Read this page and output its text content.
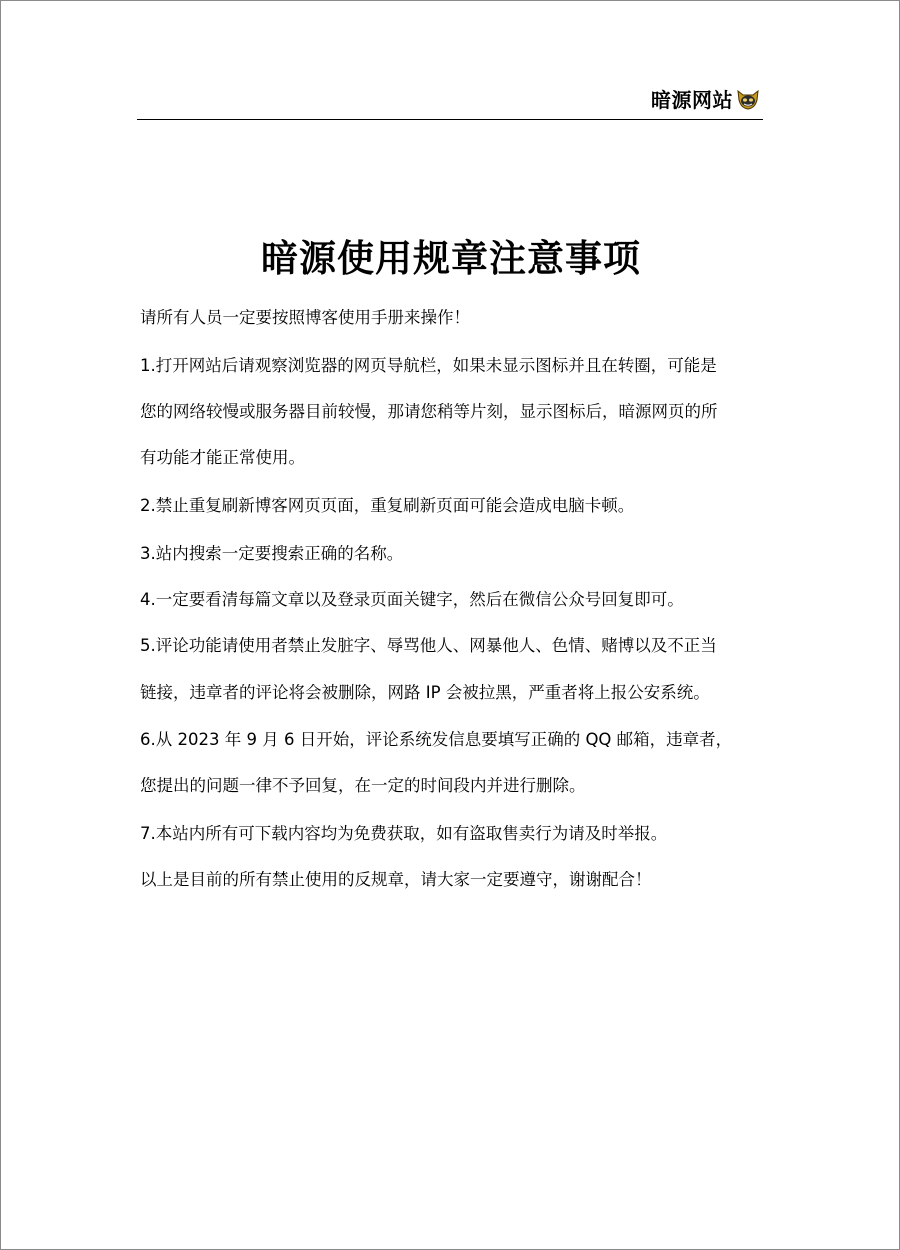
暗源网站
暗源使用规章注意事项
请所有人员一定要按照博客使用手册来操作！
1.打开网站后请观察浏览器的网页导航栏，如果未显示图标并且在转圈，可能是
您的网络较慢或服务器目前较慢，那请您稍等片刻，显示图标后，暗源网页的所
有功能才能正常使用。
2.禁止重复刷新博客网页页面，重复刷新页面可能会造成电脑卡顿。
3.站内搜索一定要搜索正确的名称。
4.一定要看清每篇文章以及登录页面关键字，然后在微信公众号回复即可。
5.评论功能请使用者禁止发脏字、辱骂他人、网暴他人、色情、赌博以及不正当
链接，违章者的评论将会被删除，网路 IP 会被拉黑，严重者将上报公安系统。
6.从 2023 年 9 月 6 日开始，评论系统发信息要填写正确的 QQ 邮箱，违章者，
您提出的问题一律不予回复，在一定的时间段内并进行删除。
7.本站内所有可下载内容均为免费获取，如有盗取售卖行为请及时举报。
以上是目前的所有禁止使用的反规章，请大家一定要遵守，谢谢配合！
